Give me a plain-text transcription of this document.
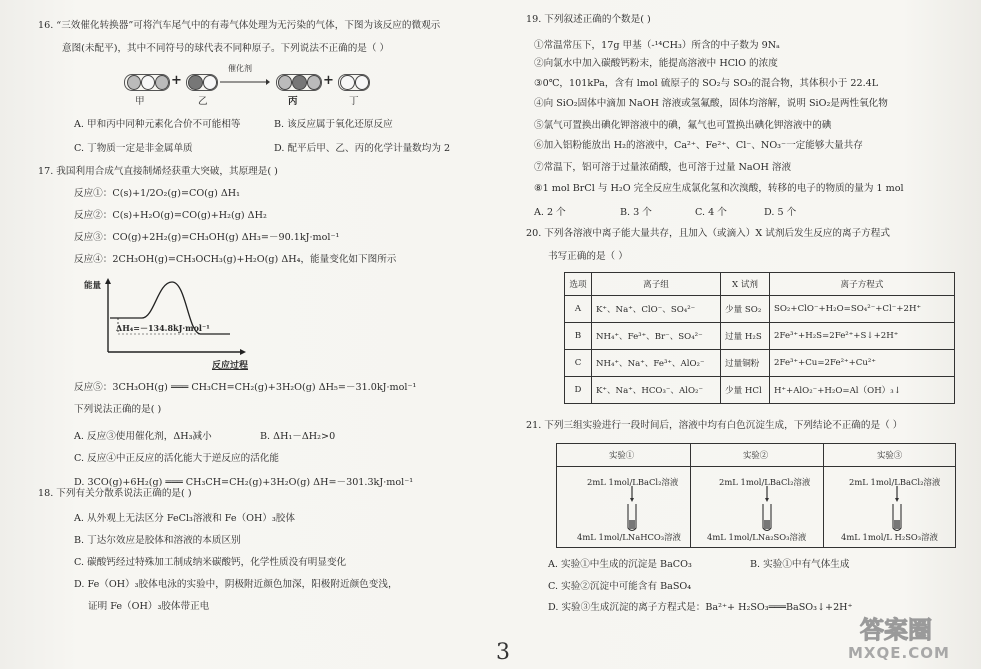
16. “三效催化转换器”可将汽车尾气中的有毒气体处理为无污染的气体，下图为该反应的微观示
意图(未配平)，其中不同符号的球代表不同种原子。下列说法不正确的是（ ）
+
催化剂
+
甲	乙	丙	丁
A. 甲和丙中同种元素化合价不可能相等	B. 该反应属于氧化还原反应
C. 丁物质一定是非金属单质	D. 配平后甲、乙、丙的化学计量数均为 2
17. 我国利用合成气直接制烯烃获重大突破，其原理是( )
反应①：C(s)+1/2O₂(g)=CO(g) ΔH₁
反应②：C(s)+H₂O(g)=CO(g)+H₂(g) ΔH₂
反应③：CO(g)+2H₂(g)=CH₃OH(g) ΔH₃=－90.1kJ·mol⁻¹
反应④：2CH₃OH(g)=CH₃OCH₃(g)+H₂O(g) ΔH₄，能量变化如下图所示
能量
ΔH₄=－134.8kJ·mol⁻¹
反应过程
反应⑤：3CH₃OH(g) ═══ CH₃CH=CH₂(g)+3H₂O(g) ΔH₅=－31.0kJ·mol⁻¹
下列说法正确的是( )
A. 反应③使用催化剂，ΔH₃减小	B. ΔH₁－ΔH₂>0
C. 反应④中正反应的活化能大于逆反应的活化能
D. 3CO(g)+6H₂(g) ═══ CH₃CH=CH₂(g)+3H₂O(g) ΔH=－301.3kJ·mol⁻¹
18. 下列有关分散系说法正确的是( )
A. 从外观上无法区分 FeCl₃溶液和 Fe（OH）₃胶体
B. 丁达尔效应是胶体和溶液的本质区别
C. 碳酸钙经过特殊加工制成纳米碳酸钙，化学性质没有明显变化
D. Fe（OH）₃胶体电泳的实验中，阴极附近颜色加深，阳极附近颜色变浅，
证明 Fe（OH）₃胶体带正电
19. 下列叙述正确的个数是( )
①常温常压下，17g 甲基（-¹⁴CH₃）所含的中子数为 9Nₐ
②向氯水中加入碳酸钙粉末，能提高溶液中 HClO 的浓度
③0℃，101kPa，含有 lmol 硫原子的 SO₂与 SO₃的混合物，其体积小于 22.4L
④向 SiO₂固体中滴加 NaOH 溶液或氢氟酸，固体均溶解，说明 SiO₂是两性氧化物
⑤氯气可置换出碘化钾溶液中的碘，氟气也可置换出碘化钾溶液中的碘
⑥加入铝粉能放出 H₂的溶液中，Ca²⁺、Fe²⁺、Cl⁻、NO₃⁻一定能够大量共存
⑦常温下，铝可溶于过量浓硝酸，也可溶于过量 NaOH 溶液
⑧1 mol BrCl 与 H₂O 完全反应生成氯化氢和次溴酸，转移的电子的物质的量为 1 mol
A. 2 个	B. 3 个	C. 4 个	D. 5 个
20. 下列各溶液中离子能大量共存，且加入（或滴入）X 试剂后发生反应的离子方程式
书写正确的是（ ）
选项	离子组	X 试剂	离子方程式
A	K⁺、Na⁺、ClO⁻、SO₄²⁻	少量 SO₂	SO₂+ClO⁻+H₂O=SO₄²⁻+Cl⁻+2H⁺
B	NH₄⁺、Fe³⁺、Br⁻、SO₄²⁻	过量 H₂S	2Fe³⁺+H₂S=2Fe²⁺+S↓+2H⁺
C	NH₄⁺、Na⁺、Fe³⁺、AlO₂⁻	过量铜粉	2Fe³⁺+Cu=2Fe²⁺+Cu²⁺
D	K⁺、Na⁺、HCO₃⁻、AlO₂⁻	少量 HCl	H⁺+AlO₂⁻+H₂O=Al（OH）₃↓
21. 下列三组实验进行一段时间后，溶液中均有白色沉淀生成，下列结论不正确的是（ ）
实验①	实验②	实验③
2mL 1mol/LBaCl₂溶液	2mL 1mol/LBaCl₂溶液	2mL 1mol/LBaCl₂溶液
4mL 1mol/LNaHCO₃溶液	4mL 1mol/LNa₂SO₃溶液	4mL 1mol/L H₂SO₃溶液
A. 实验①中生成的沉淀是 BaCO₃	B. 实验①中有气体生成
C. 实验②沉淀中可能含有 BaSO₄
D. 实验③生成沉淀的离子方程式是：Ba²⁺+ H₂SO₃═══BaSO₃↓+2H⁺
3
答案圈
MXQE.COM
